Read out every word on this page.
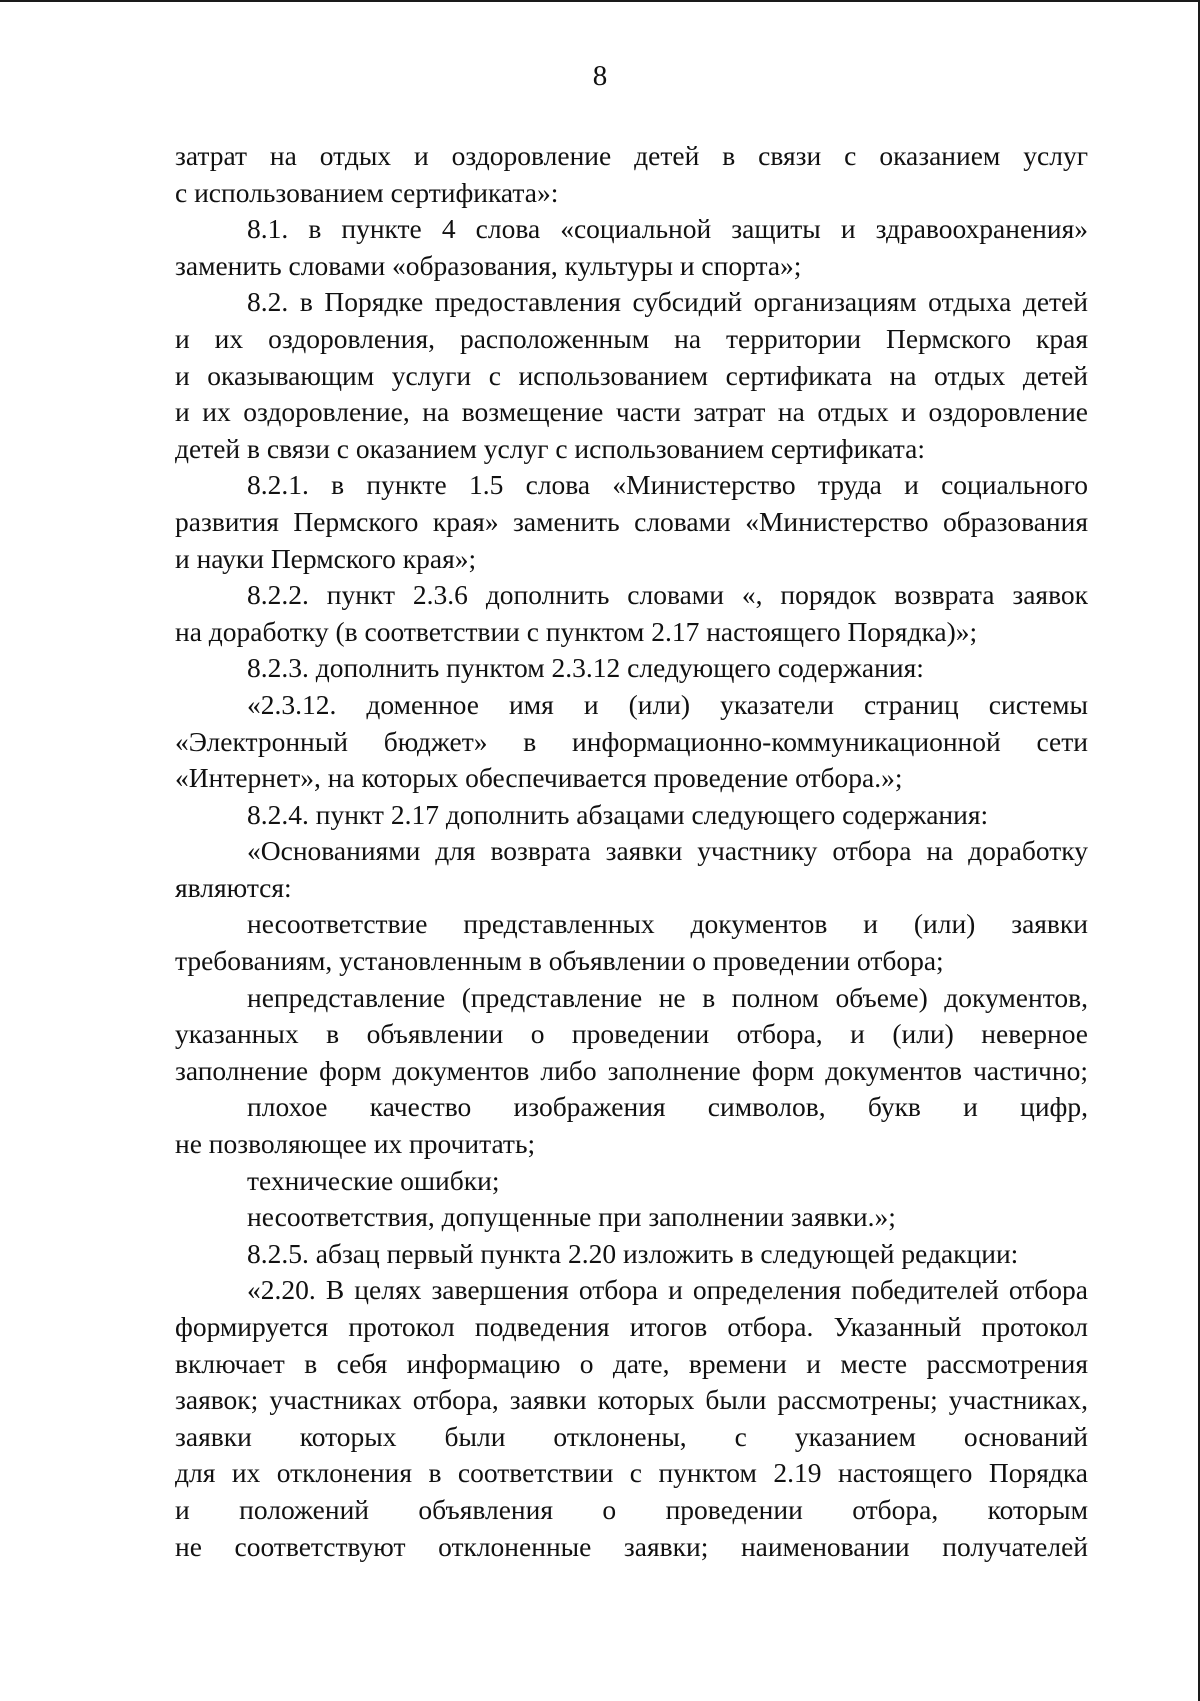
8
затрат на отдых и оздоровление детей в связи с оказанием услуг
с использованием сертификата»:
8.1. в пункте 4 слова «социальной защиты и здравоохранения»
заменить словами «образования, культуры и спорта»;
8.2. в Порядке предоставления субсидий организациям отдыха детей
и их оздоровления, расположенным на территории Пермского края
и оказывающим услуги с использованием сертификата на отдых детей
и их оздоровление, на возмещение части затрат на отдых и оздоровление
детей в связи с оказанием услуг с использованием сертификата:
8.2.1. в пункте 1.5 слова «Министерство труда и социального
развития Пермского края» заменить словами «Министерство образования
и науки Пермского края»;
8.2.2. пункт 2.3.6 дополнить словами «, порядок возврата заявок
на доработку (в соответствии с пунктом 2.17 настоящего Порядка)»;
8.2.3. дополнить пунктом 2.3.12 следующего содержания:
«2.3.12. доменное имя и (или) указатели страниц системы
«Электронный бюджет» в информационно-коммуникационной сети
«Интернет», на которых обеспечивается проведение отбора.»;
8.2.4. пункт 2.17 дополнить абзацами следующего содержания:
«Основаниями для возврата заявки участнику отбора на доработку
являются:
несоответствие представленных документов и (или) заявки
требованиям, установленным в объявлении о проведении отбора;
непредставление (представление не в полном объеме) документов,
указанных в объявлении о проведении отбора, и (или) неверное
заполнение форм документов либо заполнение форм документов частично;
плохое качество изображения символов, букв и цифр,
не позволяющее их прочитать;
технические ошибки;
несоответствия, допущенные при заполнении заявки.»;
8.2.5. абзац первый пункта 2.20 изложить в следующей редакции:
«2.20. В целях завершения отбора и определения победителей отбора
формируется протокол подведения итогов отбора. Указанный протокол
включает в себя информацию о дате, времени и месте рассмотрения
заявок; участниках отбора, заявки которых были рассмотрены; участниках,
заявки которых были отклонены, с указанием оснований
для их отклонения в соответствии с пунктом 2.19 настоящего Порядка
и положений объявления о проведении отбора, которым
не соответствуют отклоненные заявки; наименовании получателей
